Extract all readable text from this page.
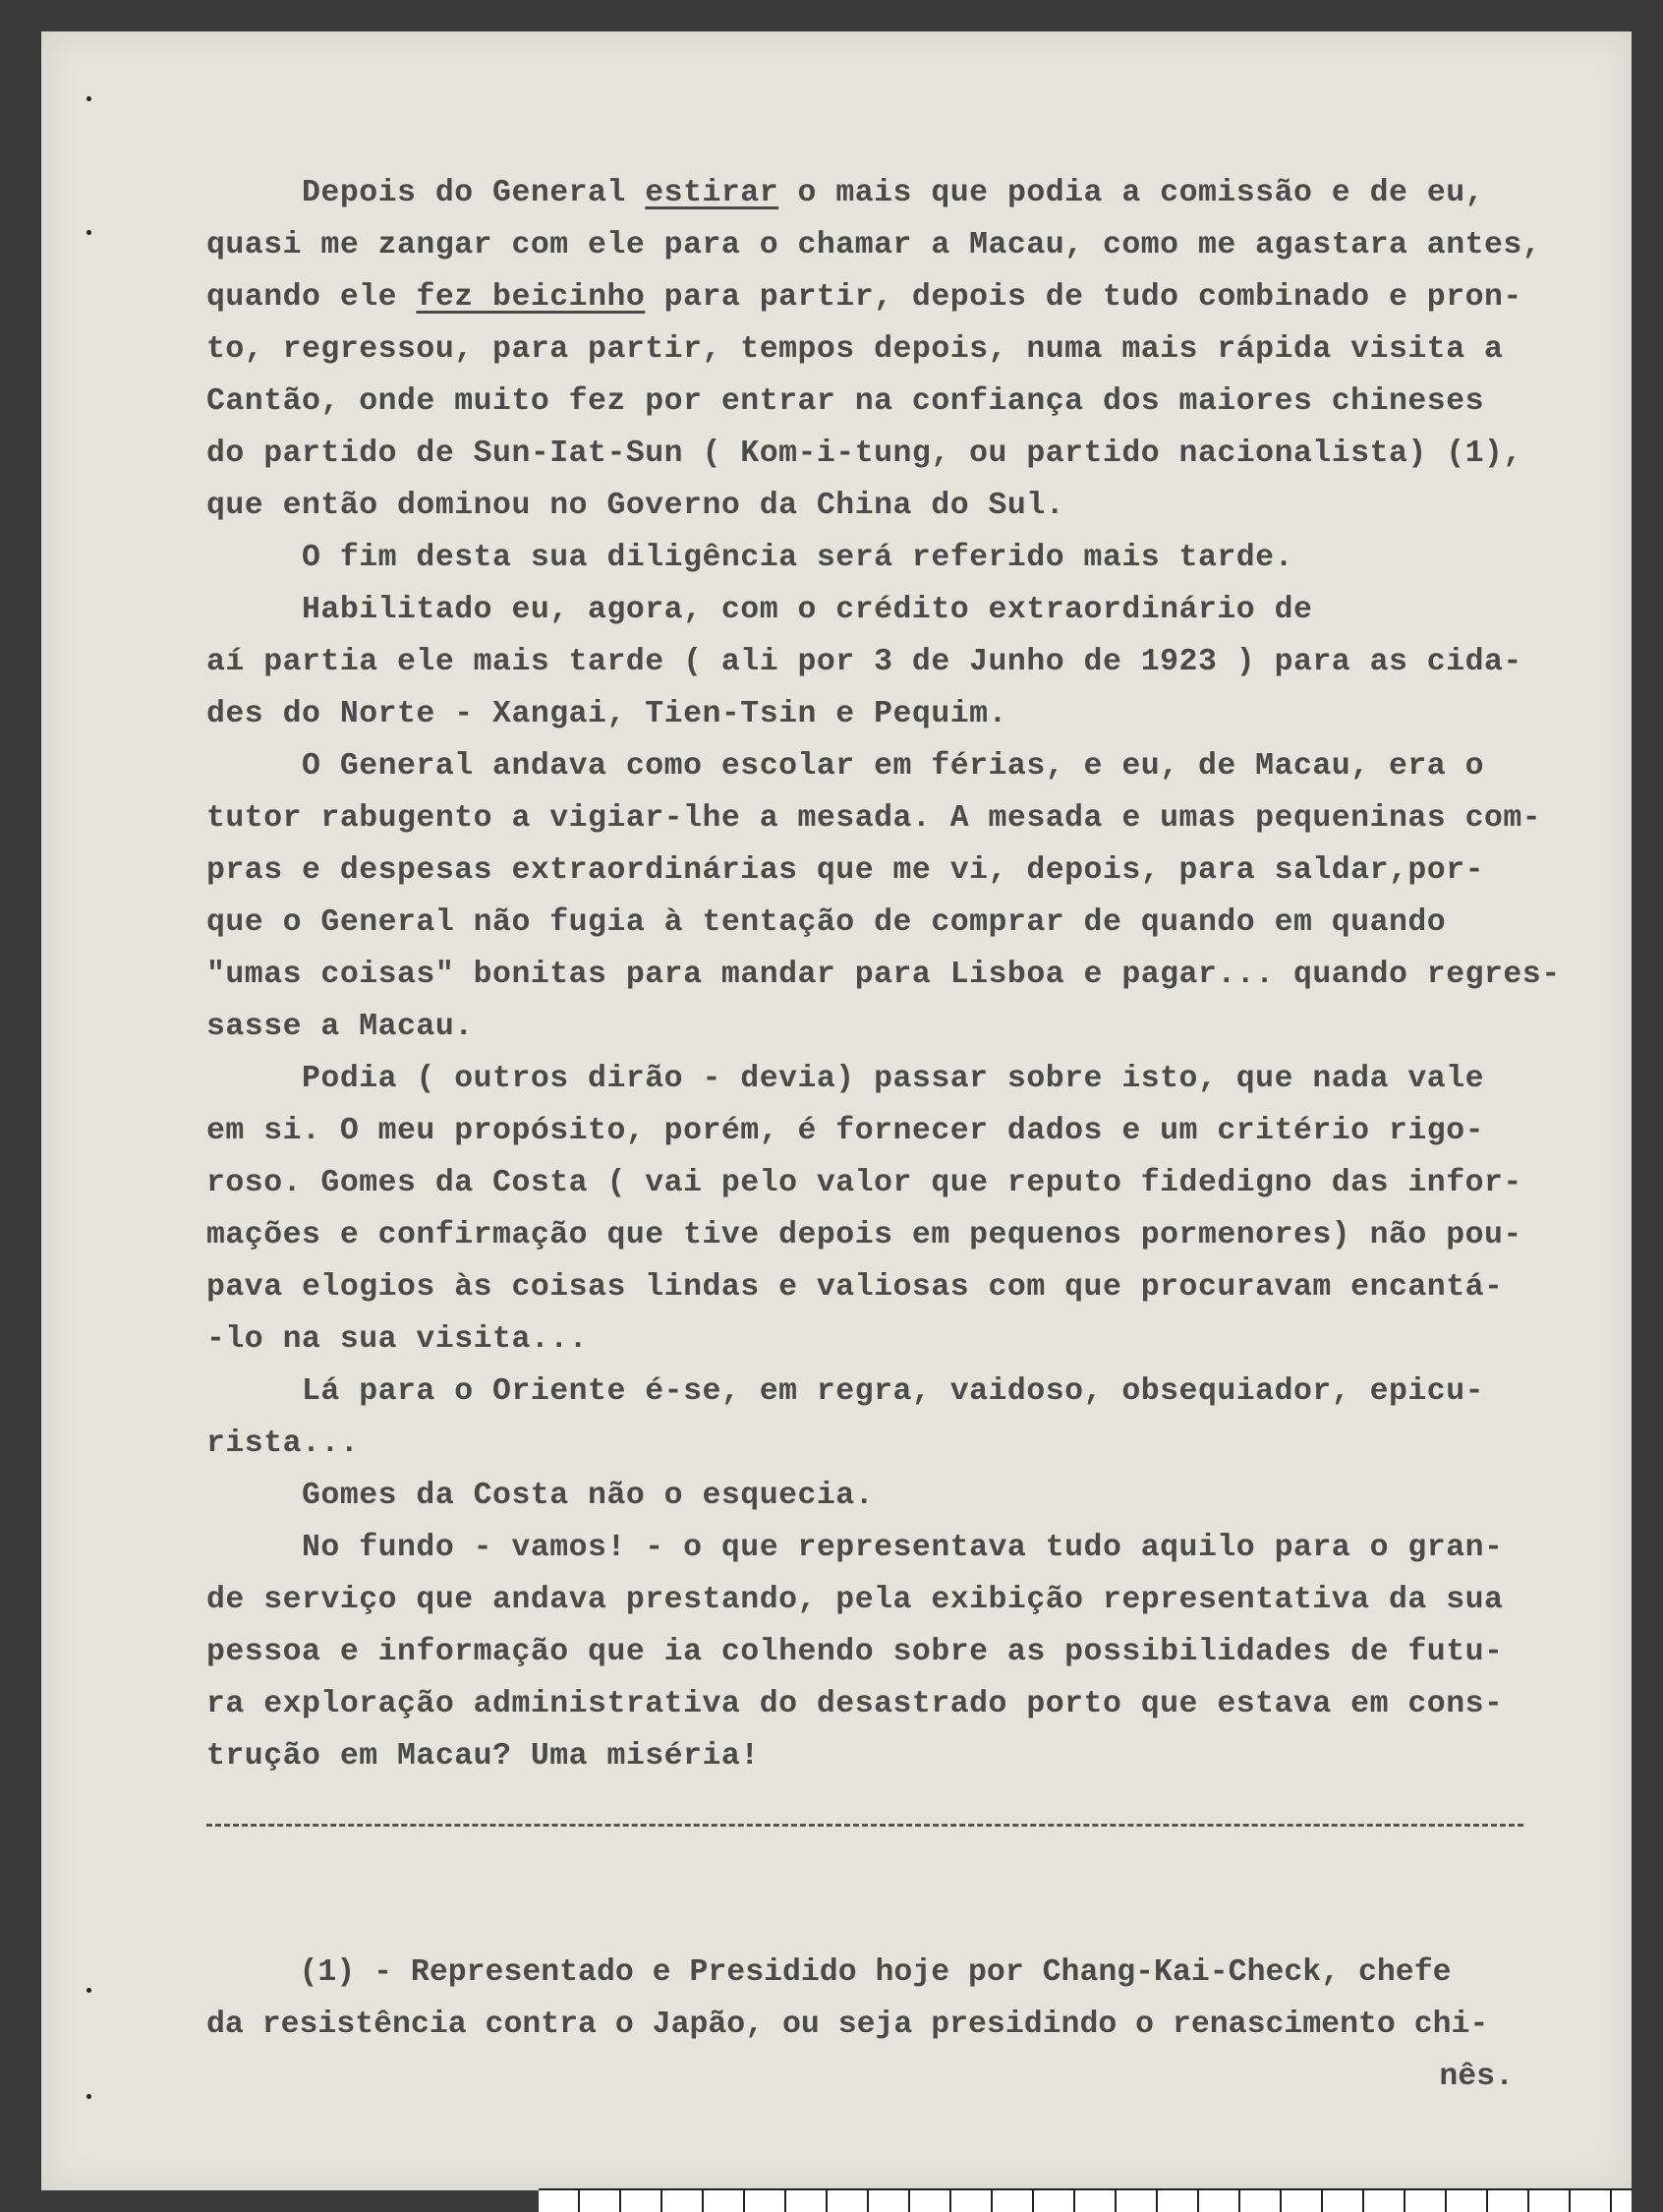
Depois do General estirar o mais que podia a comissão e de eu,
quasi me zangar com ele para o chamar a Macau, como me agastara antes,
quando ele fez beicinho para partir, depois de tudo combinado e pron-
to, regressou, para partir, tempos depois, numa mais rápida visita a
Cantão, onde muito fez por entrar na confiança dos maiores chineses
do partido de Sun-Iat-Sun ( Kom-i-tung, ou partido nacionalista) (1),
que então dominou no Governo da China do Sul.
O fim desta sua diligência será referido mais tarde.
Habilitado eu, agora, com o crédito extraordinário de
aí partia ele mais tarde ( ali por 3 de Junho de 1923 ) para as cida-
des do Norte - Xangai, Tien-Tsin e Pequim.
O General andava como escolar em férias, e eu, de Macau, era o
tutor rabugento a vigiar-lhe a mesada. A mesada e umas pequeninas com-
pras e despesas extraordinárias que me vi, depois, para saldar,por-
que o General não fugia à tentação de comprar de quando em quando
"umas coisas" bonitas para mandar para Lisboa e pagar... quando regres-
sasse a Macau.
Podia ( outros dirão - devia) passar sobre isto, que nada vale
em si. O meu propósito, porém, é fornecer dados e um critério rigo-
roso. Gomes da Costa ( vai pelo valor que reputo fidedigno das infor-
mações e confirmação que tive depois em pequenos pormenores) não pou-
pava elogios às coisas lindas e valiosas com que procuravam encantá-
-lo na sua visita...
Lá para o Oriente é-se, em regra, vaidoso, obsequiador, epicu-
rista...
Gomes da Costa não o esquecia.
No fundo - vamos! - o que representava tudo aquilo para o gran-
de serviço que andava prestando, pela exibição representativa da sua
pessoa e informação que ia colhendo sobre as possibilidades de futu-
ra exploração administrativa do desastrado porto que estava em cons-
trução em Macau? Uma miséria!
(1) - Representado e Presidido hoje por Chang-Kai-Check, chefe
da resistência contra o Japão, ou seja presidindo o renascimento chi-
nês.
